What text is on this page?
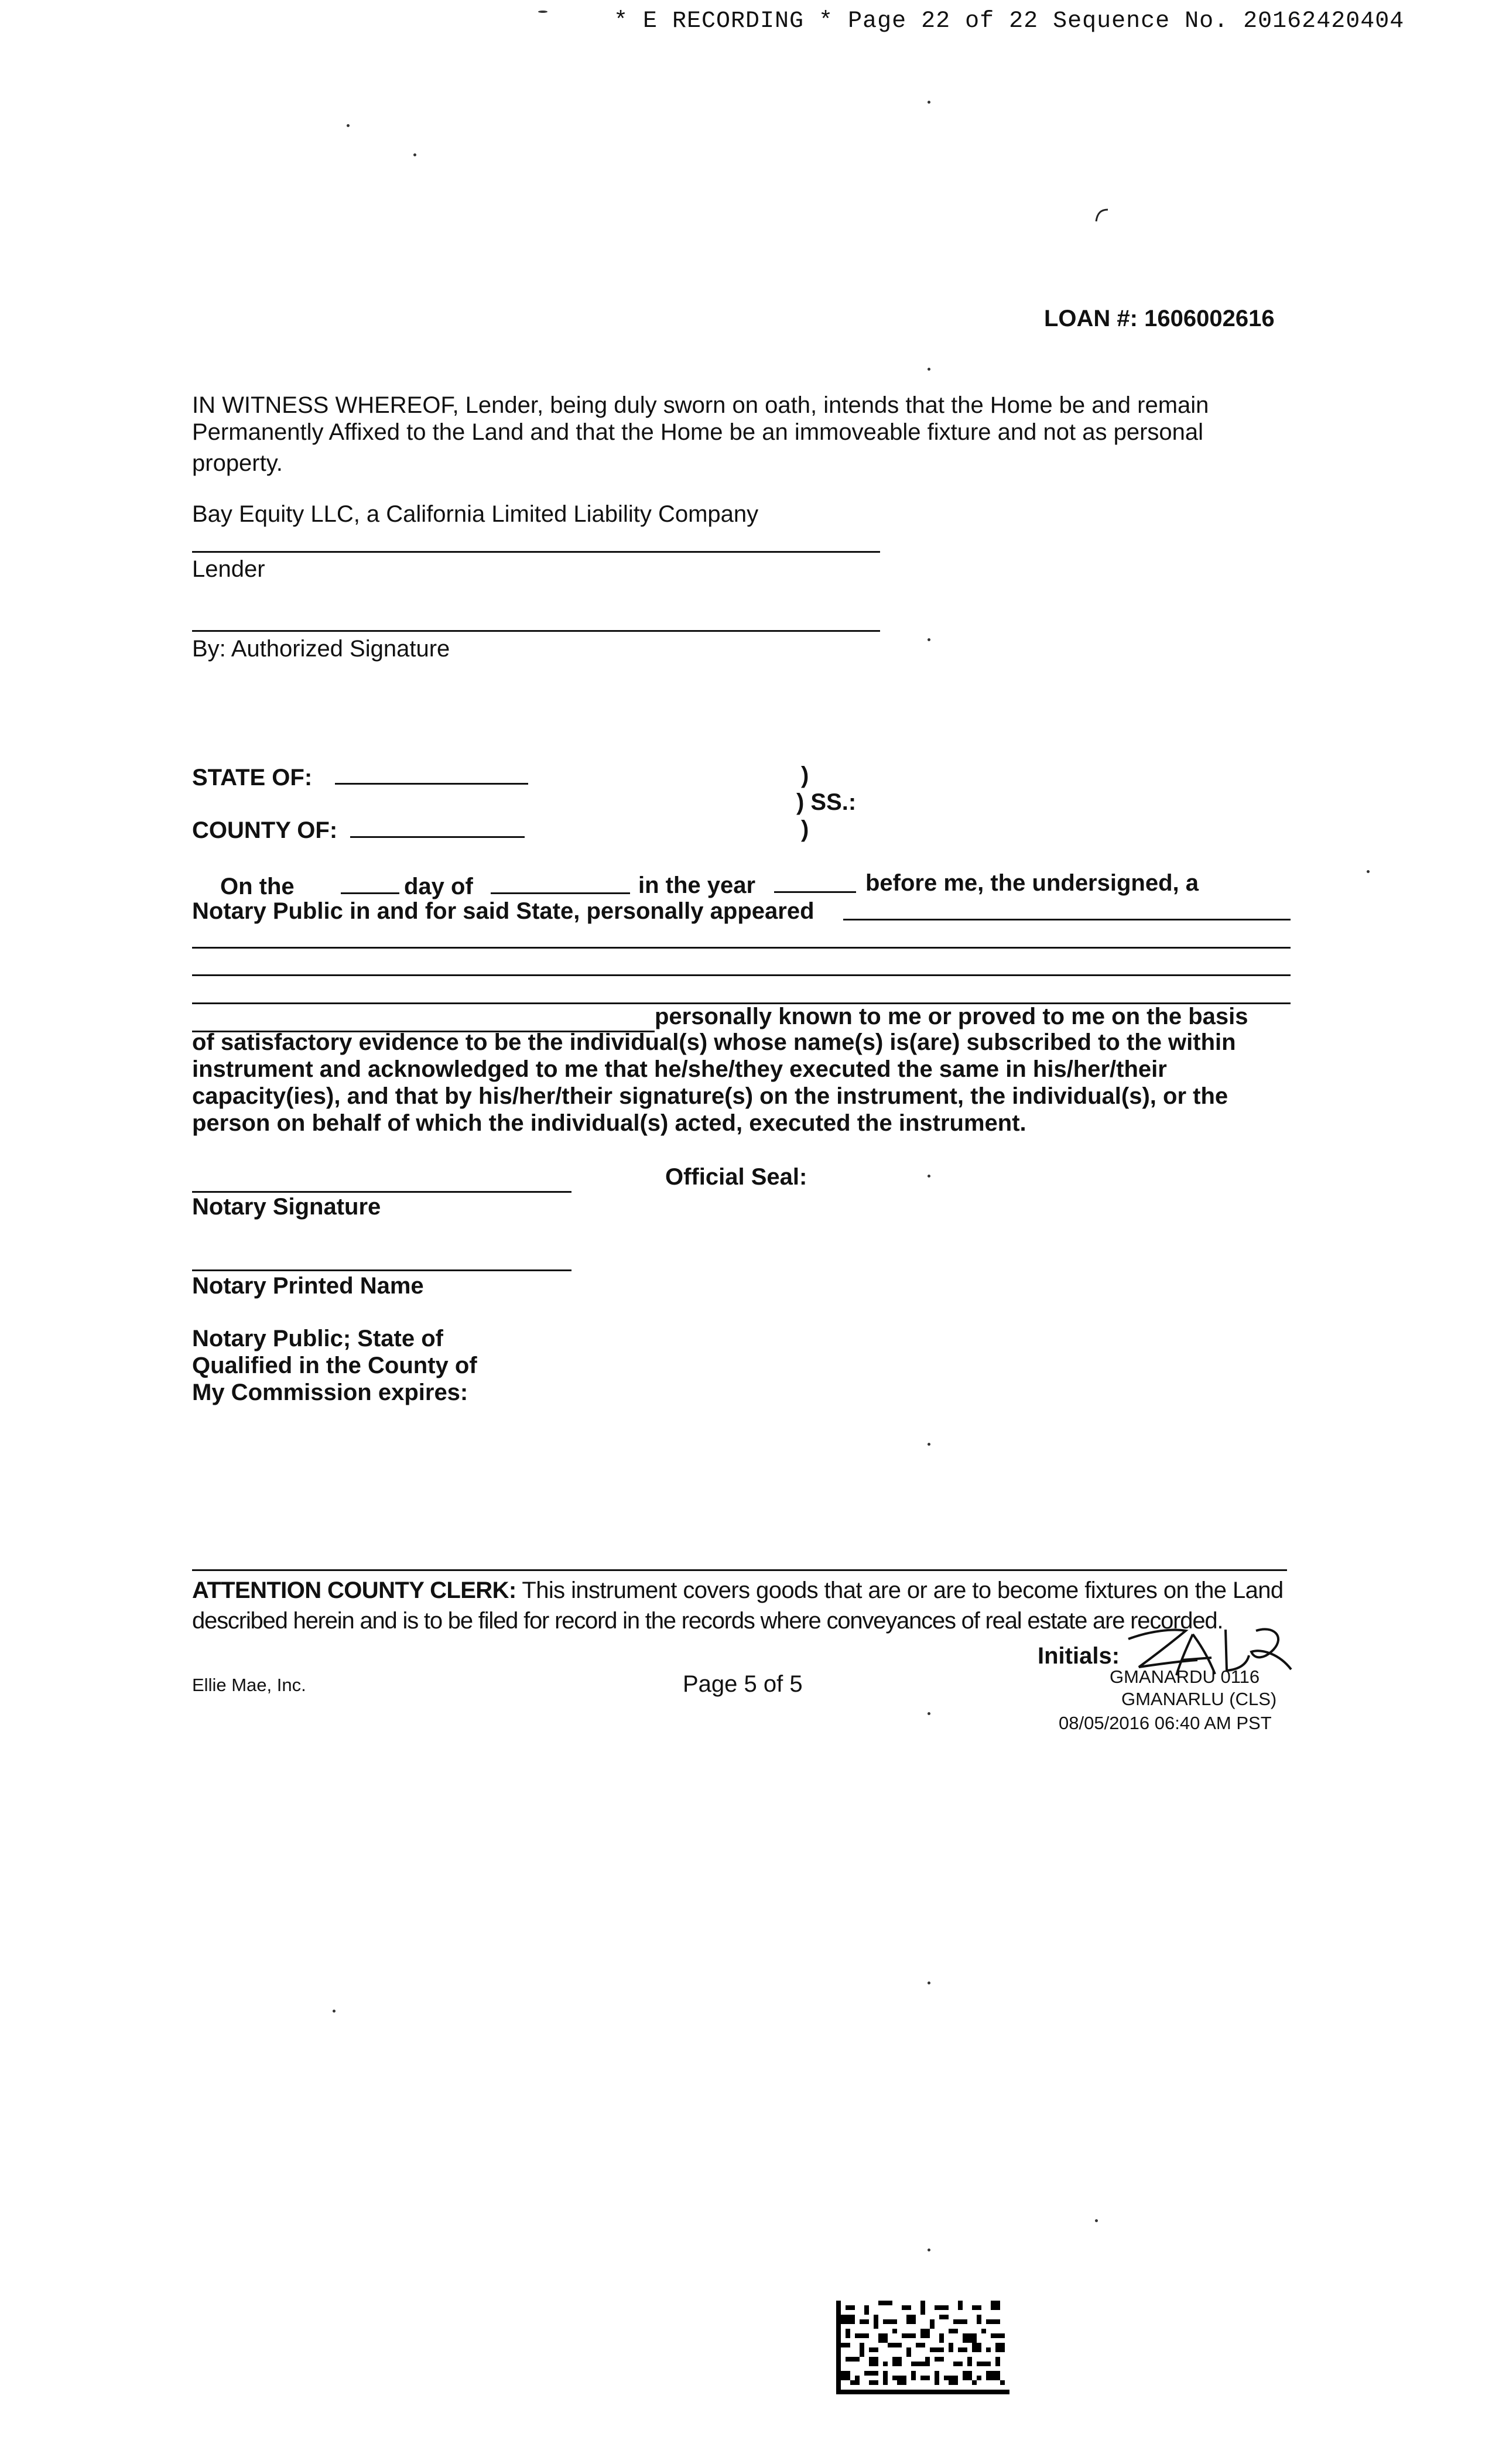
* E RECORDING * Page 22 of 22 Sequence No. 20162420404
LOAN #: 1606002616
IN WITNESS WHEREOF, Lender, being duly sworn on oath, intends that the Home be and remain
Permanently Affixed to the Land and that the Home be an immoveable fixture and not as personal
property.
Bay Equity LLC, a California Limited Liability Company
Lender
By: Authorized Signature
STATE OF:
COUNTY OF:
)
) SS.:
)
On the	day of	in the year	before me, the undersigned, a
Notary Public in and for said State, personally appeared
personally known to me or proved to me on the basis
of satisfactory evidence to be the individual(s) whose name(s) is(are) subscribed to the within
instrument and acknowledged to me that he/she/they executed the same in his/her/their
capacity(ies), and that by his/her/their signature(s) on the instrument, the individual(s), or the
person on behalf of which the individual(s) acted, executed the instrument.
Official Seal:
Notary Signature
Notary Printed Name
Notary Public; State of
Qualified in the County of
My Commission expires:
ATTENTION COUNTY CLERK: This instrument covers goods that are or are to become fixtures on the Land
described herein and is to be filed for record in the records where conveyances of real estate are recorded.
Initials:
Ellie Mae, Inc.	Page 5 of 5	GMANARDU 0116
GMANARLU (CLS)
08/05/2016 06:40 AM PST
